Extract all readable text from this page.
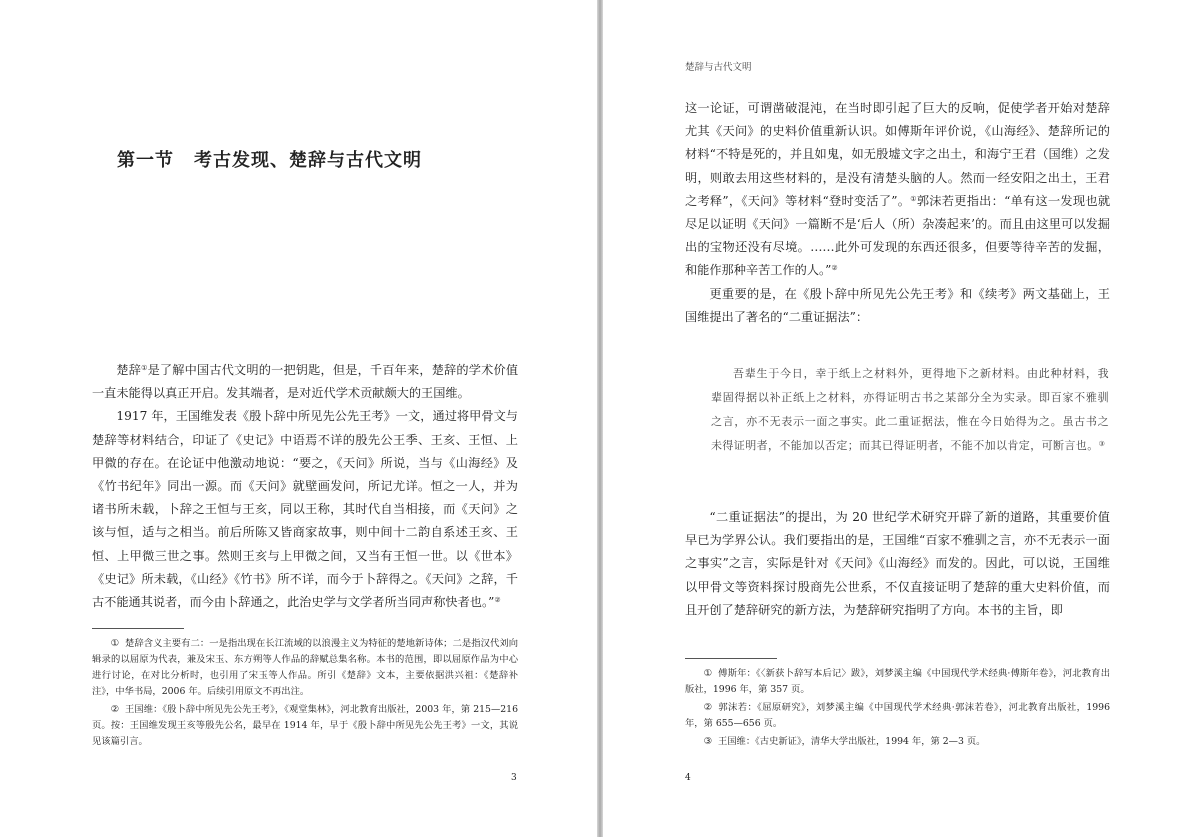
第一节 考古发现、楚辞与古代文明

楚辞①是了解中国古代文明的一把钥匙，但是，千百年来，楚辞的学术价值一直未能得以真正开启。发其端者，是对近代学术贡献颇大的王国维。

1917 年，王国维发表《殷卜辞中所见先公先王考》一文，通过将甲骨文与楚辞等材料结合，印证了《史记》中语焉不详的殷先公王季、王亥、王恒、上甲微的存在。在论证中他激动地说：“要之，《天问》所说，当与《山海经》及《竹书纪年》同出一源。而《天问》就壁画发问，所记尤详。恒之一人，并为诸书所未载，卜辞之王恒与王亥，同以王称，其时代自当相接，而《天问》之该与恒，适与之相当。前后所陈又皆商家故事，则中间十二韵自系述王亥、王恒、上甲微三世之事。然则王亥与上甲微之间，又当有王恒一世。以《世本》《史记》所未载，《山经》《竹书》所不详，而今于卜辞得之。《天问》之辞，千古不能通其说者，而今由卜辞通之，此治史学与文学者所当同声称快者也。”②

① 楚辞含义主要有二：一是指出现在长江流域的以浪漫主义为特征的楚地新诗体；二是指汉代刘向辑录的以屈原为代表，兼及宋玉、东方朔等人作品的辞赋总集名称。本书的范围，即以屈原作品为中心进行讨论，在对比分析时，也引用了宋玉等人作品。所引《楚辞》文本，主要依据洪兴祖：《楚辞补注》，中华书局，2006 年。后续引用原文不再出注。

② 王国维：《殷卜辞中所见先公先王考》，《观堂集林》，河北教育出版社，2003 年，第 215—216 页。按：王国维发现王亥等殷先公名，最早在 1914 年，早于《殷卜辞中所见先公先王考》一文，其说见该篇引言。

3
楚辞与古代文明

这一论证，可谓凿破混沌，在当时即引起了巨大的反响，促使学者开始对楚辞尤其《天问》的史料价值重新认识。如傅斯年评价说，《山海经》、楚辞所记的材料“不特是死的，并且如鬼，如无殷墟文字之出土，和海宁王君（国维）之发明，则敢去用这些材料的，是没有清楚头脑的人。然而一经安阳之出土，王君之考释”，《天问》等材料“登时变活了”。①郭沫若更指出：“单有这一发现也就尽足以证明《天问》一篇断不是‘后人（所）杂凑起来’的。而且由这里可以发掘出的宝物还没有尽境。……此外可发现的东西还很多，但要等待辛苦的发掘，和能作那种辛苦工作的人。”②

更重要的是，在《殷卜辞中所见先公先王考》和《续考》两文基础上，王国维提出了著名的“二重证据法”：

吾辈生于今日，幸于纸上之材料外，更得地下之新材料。由此种材料，我辈固得据以补正纸上之材料，亦得证明古书之某部分全为实录。即百家不雅驯之言，亦不无表示一面之事实。此二重证据法，惟在今日始得为之。虽古书之未得证明者，不能加以否定；而其已得证明者，不能不加以肯定，可断言也。③

“二重证据法”的提出，为 20 世纪学术研究开辟了新的道路，其重要价值早已为学界公认。我们要指出的是，王国维“百家不雅驯之言，亦不无表示一面之事实”之言，实际是针对《天问》《山海经》而发的。因此，可以说，王国维以甲骨文等资料探讨殷商先公世系，不仅直接证明了楚辞的重大史料价值，而且开创了楚辞研究的新方法，为楚辞研究指明了方向。本书的主旨，即

① 傅斯年：《〈新获卜辞写本后记〉跋》，刘梦溪主编《中国现代学术经典·傅斯年卷》，河北教育出版社，1996 年，第 357 页。

② 郭沫若：《屈原研究》，刘梦溪主编《中国现代学术经典·郭沫若卷》，河北教育出版社，1996 年，第 655—656 页。

③ 王国维：《古史新证》，清华大学出版社，1994 年，第 2—3 页。

4
